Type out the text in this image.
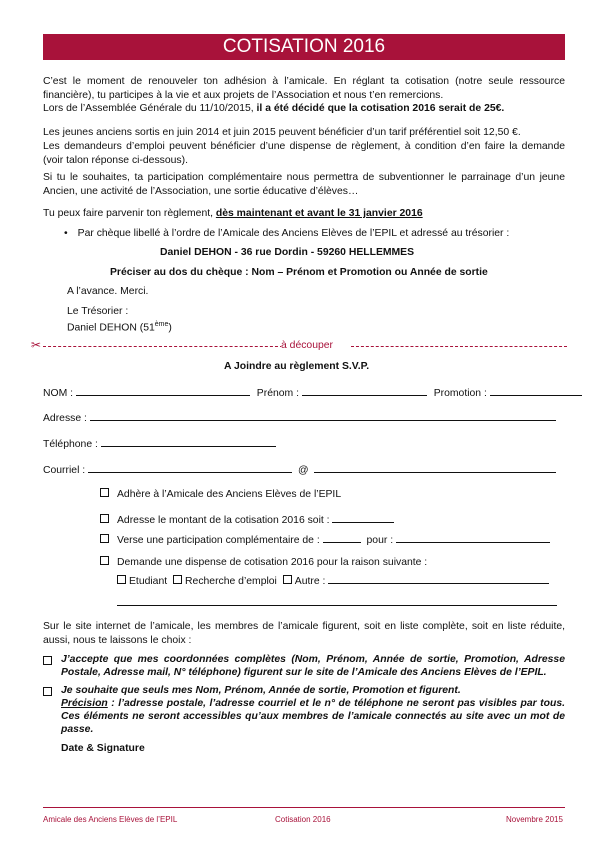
COTISATION 2016

C’est le moment de renouveler ton adhésion à l’amicale. En réglant ta cotisation (notre seule ressource financière), tu participes à la vie et aux projets de l’Association et nous t’en remercions.
Lors de l’Assemblée Générale du 11/10/2015, il a été décidé que la cotisation 2016 serait de 25€.

Les jeunes anciens sortis en juin 2014 et juin 2015 peuvent bénéficier d’un tarif préférentiel soit 12,50 €.

Les demandeurs d’emploi peuvent bénéficier d’une dispense de règlement, à condition d’en faire la demande (voir talon réponse ci-dessous).

Si tu le souhaites, ta participation complémentaire nous permettra de subventionner le parrainage d’un jeune Ancien, une activité de l’Association, une sortie éducative d’élèves…

Tu peux faire parvenir ton règlement, dès maintenant et avant le 31 janvier 2016
• Par chèque libellé à l’ordre de l’Amicale des Anciens Elèves de l’EPIL et adressé au trésorier :
Daniel DEHON - 36 rue Dordin - 59260 HELLEMMES
Préciser au dos du chèque : Nom – Prénom et Promotion ou Année de sortie
A l’avance. Merci.
Le Trésorier :
Daniel DEHON (51ème)
✂	à découper
A Joindre au règlement S.V.P.
NOM :	Prénom :	Promotion :
Adresse :
Téléphone :
Courriel :	@
Adhère à l’Amicale des Anciens Elèves de l’EPIL
Adresse le montant de la cotisation 2016 soit :
Verse une participation complémentaire de :	pour :
Demande une dispense de cotisation 2016 pour la raison suivante :
Etudiant Recherche d’emploi Autre :

Sur le site internet de l’amicale, les membres de l’amicale figurent, soit en liste complète, soit en liste réduite, aussi, nous te laissons le choix :

J’accepte que mes coordonnées complètes (Nom, Prénom, Année de sortie, Promotion, Adresse Postale, Adresse mail, N° téléphone) figurent sur le site de l’Amicale des Anciens Elèves de l’EPIL.

Je souhaite que seuls mes Nom, Prénom, Année de sortie, Promotion et figurent.
Précision : l’adresse postale, l’adresse courriel et le n° de téléphone ne seront pas visibles par tous. Ces éléments ne seront accessibles qu’aux membres de l’amicale connectés au site avec un mot de passe.

Date & Signature
Amicale des Anciens Elèves de l’EPIL	Cotisation 2016	Novembre 2015
